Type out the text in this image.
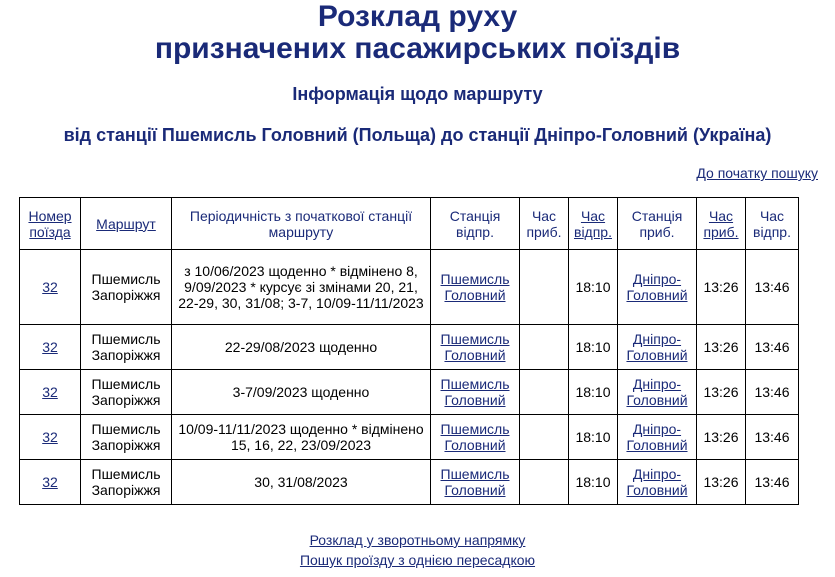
Розклад руху
призначених пасажирських поїздів

Інформація щодо маршруту

від станції Пшемисль Головний (Польща) до станції Дніпро-Головний (Україна)

До початку пошуку
Номер поїзда	Маршрут	Періодичність з початкової станції маршруту	Станція відпр.	Час приб.	Час відпр.	Станція приб.	Час приб.	Час відпр.
32	Пшемисль Запоріжжя	з 10/06/2023 щоденно * відмінено 8, 9/09/2023 * курсує зі змінами 20, 21, 22-29, 30, 31/08; 3-7, 10/09-11/11/2023	Пшемисль Головний		18:10	Дніпро-Головний	13:26	13:46
32	Пшемисль Запоріжжя	22-29/08/2023 щоденно	Пшемисль Головний		18:10	Дніпро-Головний	13:26	13:46
32	Пшемисль Запоріжжя	3-7/09/2023 щоденно	Пшемисль Головний		18:10	Дніпро-Головний	13:26	13:46
32	Пшемисль Запоріжжя	10/09-11/11/2023 щоденно * відмінено 15, 16, 22, 23/09/2023	Пшемисль Головний		18:10	Дніпро-Головний	13:26	13:46
32	Пшемисль Запоріжжя	30, 31/08/2023	Пшемисль Головний		18:10	Дніпро-Головний	13:26	13:46
Розклад у зворотньому напрямку
Пошук проїзду з однією пересадкою
